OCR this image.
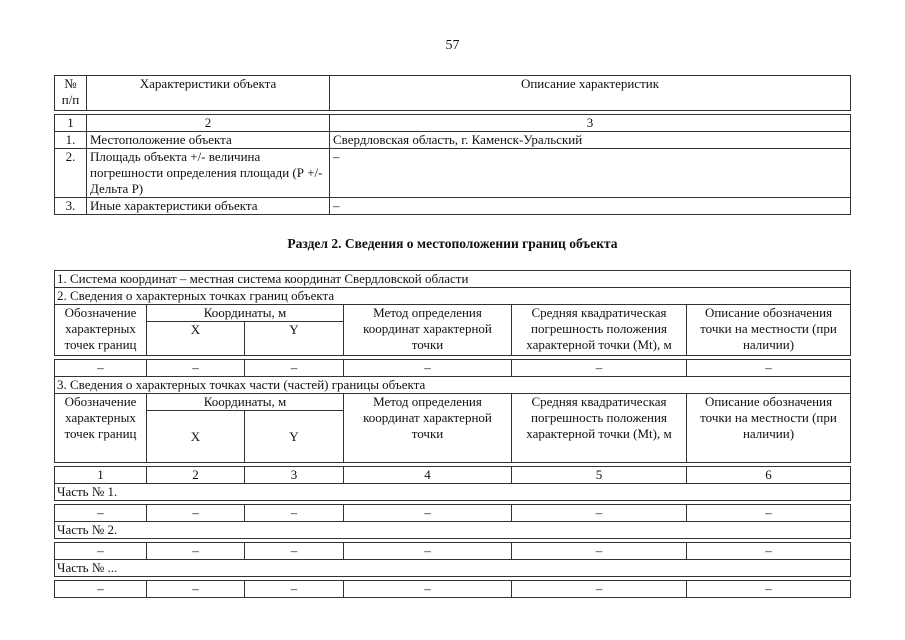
57
№ п/п	Характеристики объекта	Описание характеристик

1	2	3
1.	Местоположение объекта	Свердловская область, г. Каменск-Уральский
2.	Площадь объекта +/- величина погрешности определения площади (Р +/- Дельта Р)	–
3.	Иные характеристики объекта	–
Раздел 2. Сведения о местоположении границ объекта
1. Система координат – местная система координат Свердловской области					
2. Сведения о характерных точках границ объекта					
Обозначение характерных точек границ	Координаты, м		Метод определения координат характерной точки	Средняя квадратическая погрешность положения характерной точки (Mt), м	Описание обозначения точки на местности (при наличии)
	X	Y			

–	–	–	–	–	–
3. Сведения о характерных точках части (частей) границы объекта					
Обозначение характерных точек границ	Координаты, м		Метод определения координат характерной точки	Средняя квадратическая погрешность положения характерной точки (Mt), м	Описание обозначения точки на местности (при наличии)
	X	Y			

1	2	3	4	5	6
Часть № 1.					

–	–	–	–	–	–
Часть № 2.					

–	–	–	–	–	–
Часть № ...					

–	–	–	–	–	–
